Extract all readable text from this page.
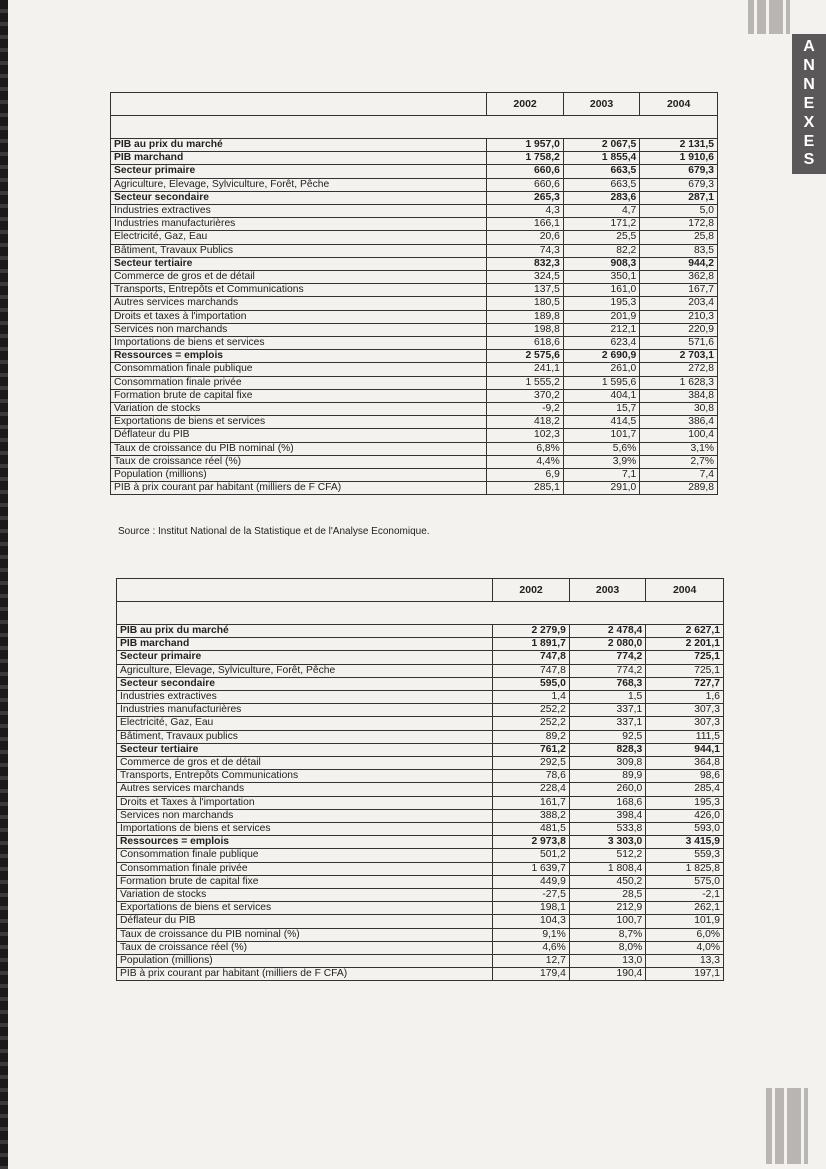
A
N
N
E
X
E
S
	2002	2003	2004

PIB au prix du marché	1 957,0	2 067,5	2 131,5
PIB marchand	1 758,2	1 855,4	1 910,6
Secteur primaire	660,6	663,5	679,3
Agriculture, Elevage, Sylviculture, Forêt, Pêche	660,6	663,5	679,3
Secteur secondaire	265,3	283,6	287,1
Industries extractives	4,3	4,7	5,0
Industries manufacturières	166,1	171,2	172,8
Electricité, Gaz, Eau	20,6	25,5	25,8
Bâtiment, Travaux Publics	74,3	82,2	83,5
Secteur tertiaire	832,3	908,3	944,2
Commerce de gros et de détail	324,5	350,1	362,8
Transports, Entrepôts et Communications	137,5	161,0	167,7
Autres services marchands	180,5	195,3	203,4
Droits et taxes à l'importation	189,8	201,9	210,3
Services non marchands	198,8	212,1	220,9
Importations de biens et services	618,6	623,4	571,6
Ressources = emplois	2 575,6	2 690,9	2 703,1
Consommation finale publique	241,1	261,0	272,8
Consommation finale privée	1 555,2	1 595,6	1 628,3
Formation brute de capital fixe	370,2	404,1	384,8
Variation de stocks	-9,2	15,7	30,8
Exportations de biens et services	418,2	414,5	386,4
Déflateur du PIB	102,3	101,7	100,4
Taux de croissance du PIB nominal (%)	6,8%	5,6%	3,1%
Taux de croissance réel (%)	4,4%	3,9%	2,7%
Population (millions)	6,9	7,1	7,4
PIB à prix courant par habitant (milliers de F CFA)	285,1	291,0	289,8
Source : Institut National de la Statistique et de l'Analyse Economique.
	2002	2003	2004

PIB au prix du marché	2 279,9	2 478,4	2 627,1
PIB marchand	1 891,7	2 080,0	2 201,1
Secteur primaire	747,8	774,2	725,1
Agriculture, Elevage, Sylviculture, Forêt, Pêche	747,8	774,2	725,1
Secteur secondaire	595,0	768,3	727,7
Industries extractives	1,4	1,5	1,6
Industries manufacturières	252,2	337,1	307,3
Electricité, Gaz, Eau	252,2	337,1	307,3
Bâtiment, Travaux publics	89,2	92,5	111,5
Secteur tertiaire	761,2	828,3	944,1
Commerce de gros et de détail	292,5	309,8	364,8
Transports, Entrepôts Communications	78,6	89,9	98,6
Autres services marchands	228,4	260,0	285,4
Droits et Taxes à l'importation	161,7	168,6	195,3
Services non marchands	388,2	398,4	426,0
Importations de biens et services	481,5	533,8	593,0
Ressources = emplois	2 973,8	3 303,0	3 415,9
Consommation finale publique	501,2	512,2	559,3
Consommation finale privée	1 639,7	1 808,4	1 825,8
Formation brute de capital fixe	449,9	450,2	575,0
Variation de stocks	-27,5	28,5	-2,1
Exportations de biens et services	198,1	212,9	262,1
Déflateur du PIB	104,3	100,7	101,9
Taux de croissance du PIB nominal (%)	9,1%	8,7%	6,0%
Taux de croissance réel (%)	4,6%	8,0%	4,0%
Population (millions)	12,7	13,0	13,3
PIB à prix courant par habitant (milliers de F CFA)	179,4	190,4	197,1
